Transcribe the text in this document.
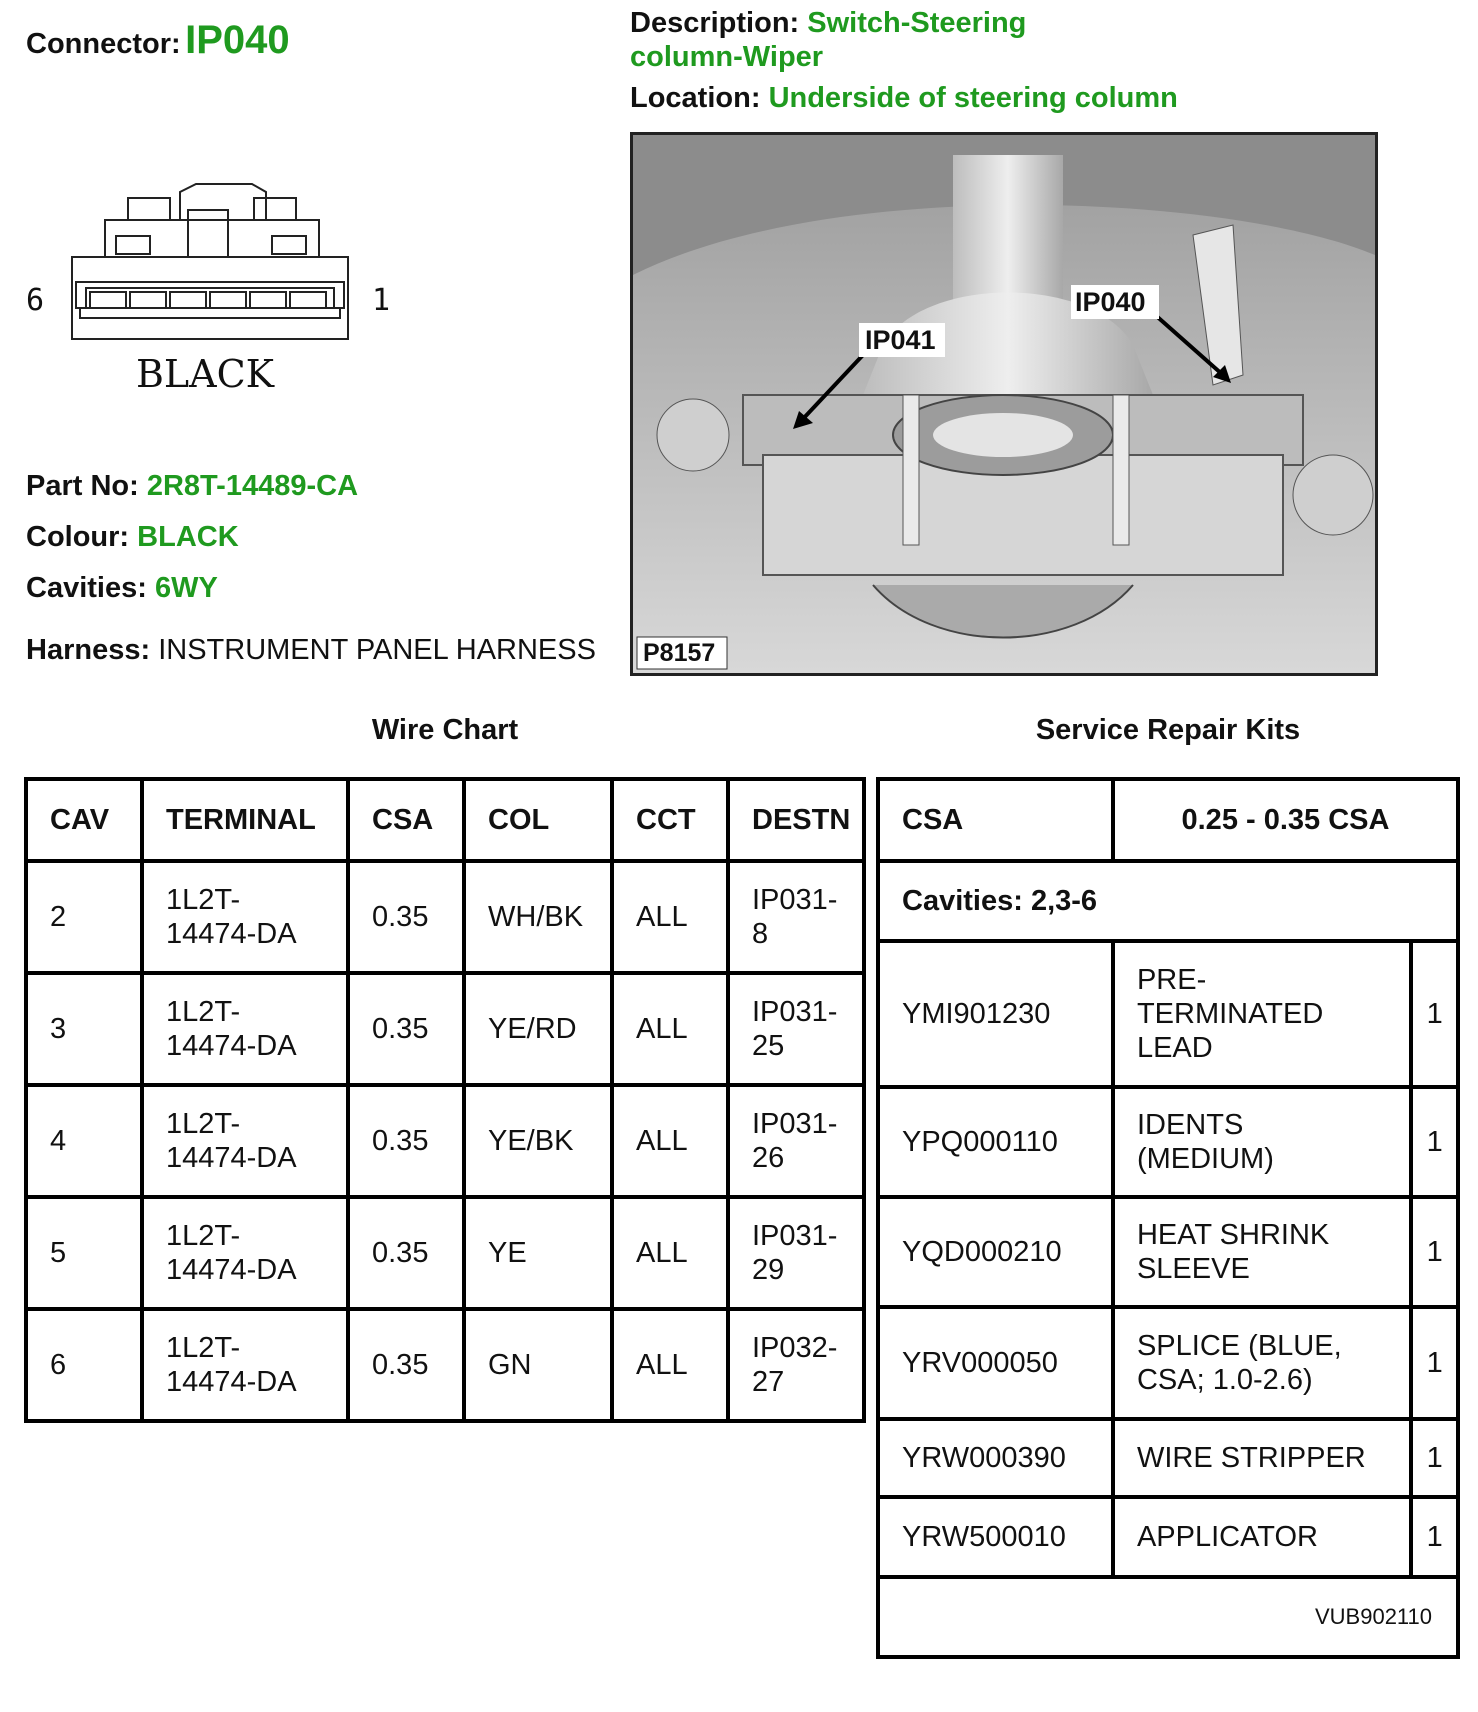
Connector: IP040	Description: Switch-Steering
column-Wiper
Location: Underside of steering column
6	1
BLACK
Part No: 2R8T-14489-CA
Colour: BLACK
Cavities: 6WY
Harness: INSTRUMENT PANEL HARNESS
IP041
IP040
P8157
Wire Chart	Service Repair Kits
CAV	TERMINAL	CSA	COL	CCT	DESTN
2	1L2T-
14474-DA	0.35	WH/BK	ALL	IP031-
8
3	1L2T-
14474-DA	0.35	YE/RD	ALL	IP031-
25
4	1L2T-
14474-DA	0.35	YE/BK	ALL	IP031-
26
5	1L2T-
14474-DA	0.35	YE	ALL	IP031-
29
6	1L2T-
14474-DA	0.35	GN	ALL	IP032-
27
CSA	0.25 - 0.35 CSA	
Cavities: 2,3-6		
YMI901230	PRE-
TERMINATED
LEAD	1
YPQ000110	IDENTS
(MEDIUM)	1
YQD000210	HEAT SHRINK
SLEEVE	1
YRV000050	SPLICE (BLUE,
CSA; 1.0-2.6)	1
YRW000390	WIRE STRIPPER	1
YRW500010	APPLICATOR	1
VUB902110		
